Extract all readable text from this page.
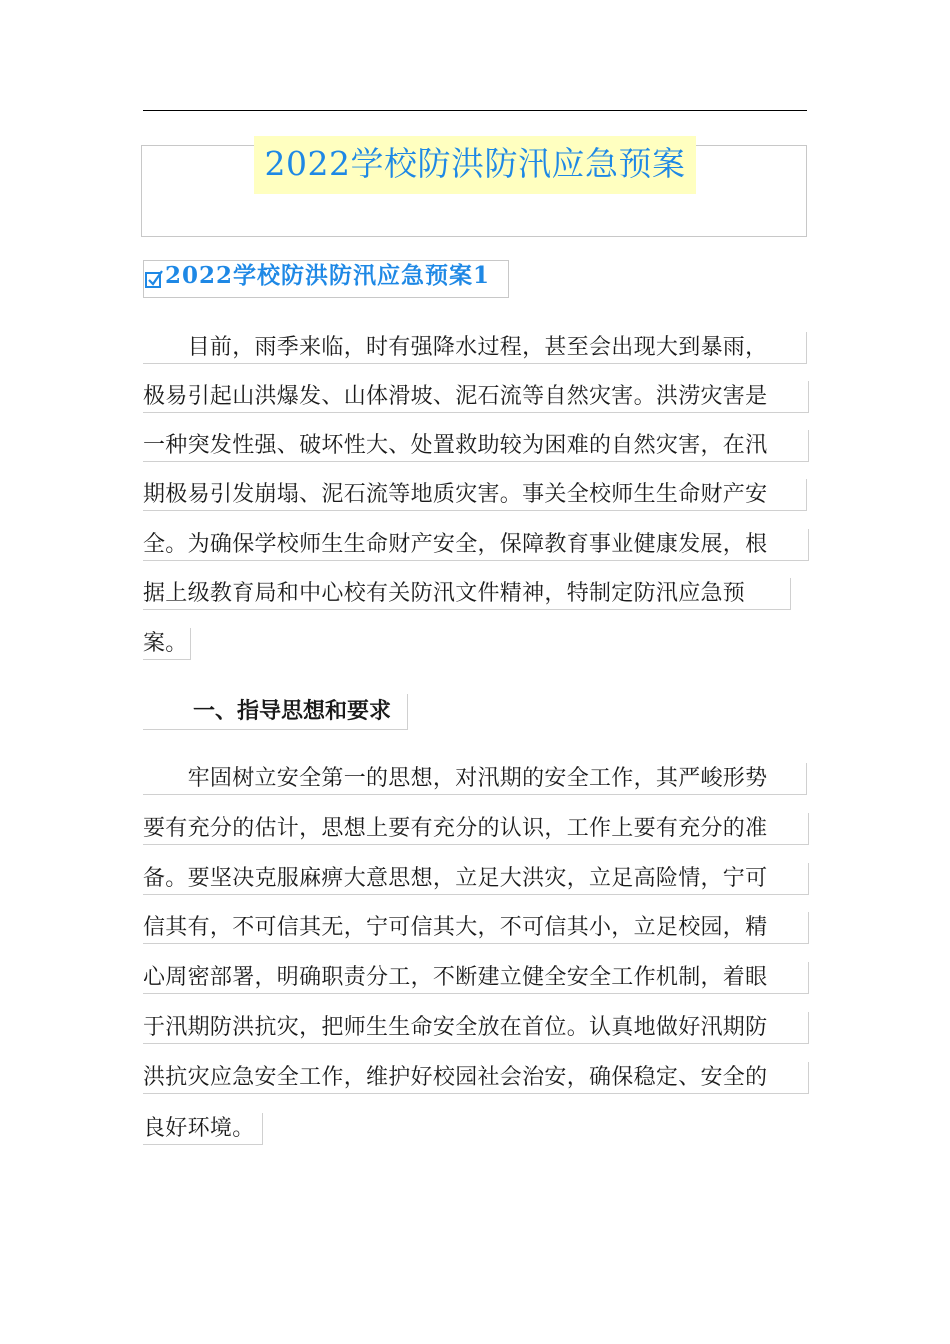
2022学校防洪防汛应急预案
2022学校防洪防汛应急预案1
　　目前，雨季来临，时有强降水过程，甚至会出现大到暴雨，
极易引起山洪爆发、山体滑坡、泥石流等自然灾害。洪涝灾害是
一种突发性强、破坏性大、处置救助较为困难的自然灾害，在汛
期极易引发崩塌、泥石流等地质灾害。事关全校师生生命财产安
全。为确保学校师生生命财产安全，保障教育事业健康发展，根
据上级教育局和中心校有关防汛文件精神，特制定防汛应急预
案。
一、指导思想和要求
　　牢固树立安全第一的思想，对汛期的安全工作，其严峻形势
要有充分的估计，思想上要有充分的认识，工作上要有充分的准
备。要坚决克服麻痹大意思想，立足大洪灾，立足高险情，宁可
信其有，不可信其无，宁可信其大，不可信其小，立足校园，精
心周密部署，明确职责分工，不断建立健全安全工作机制，着眼
于汛期防洪抗灾，把师生生命安全放在首位。认真地做好汛期防
洪抗灾应急安全工作，维护好校园社会治安，确保稳定、安全的
良好环境。
